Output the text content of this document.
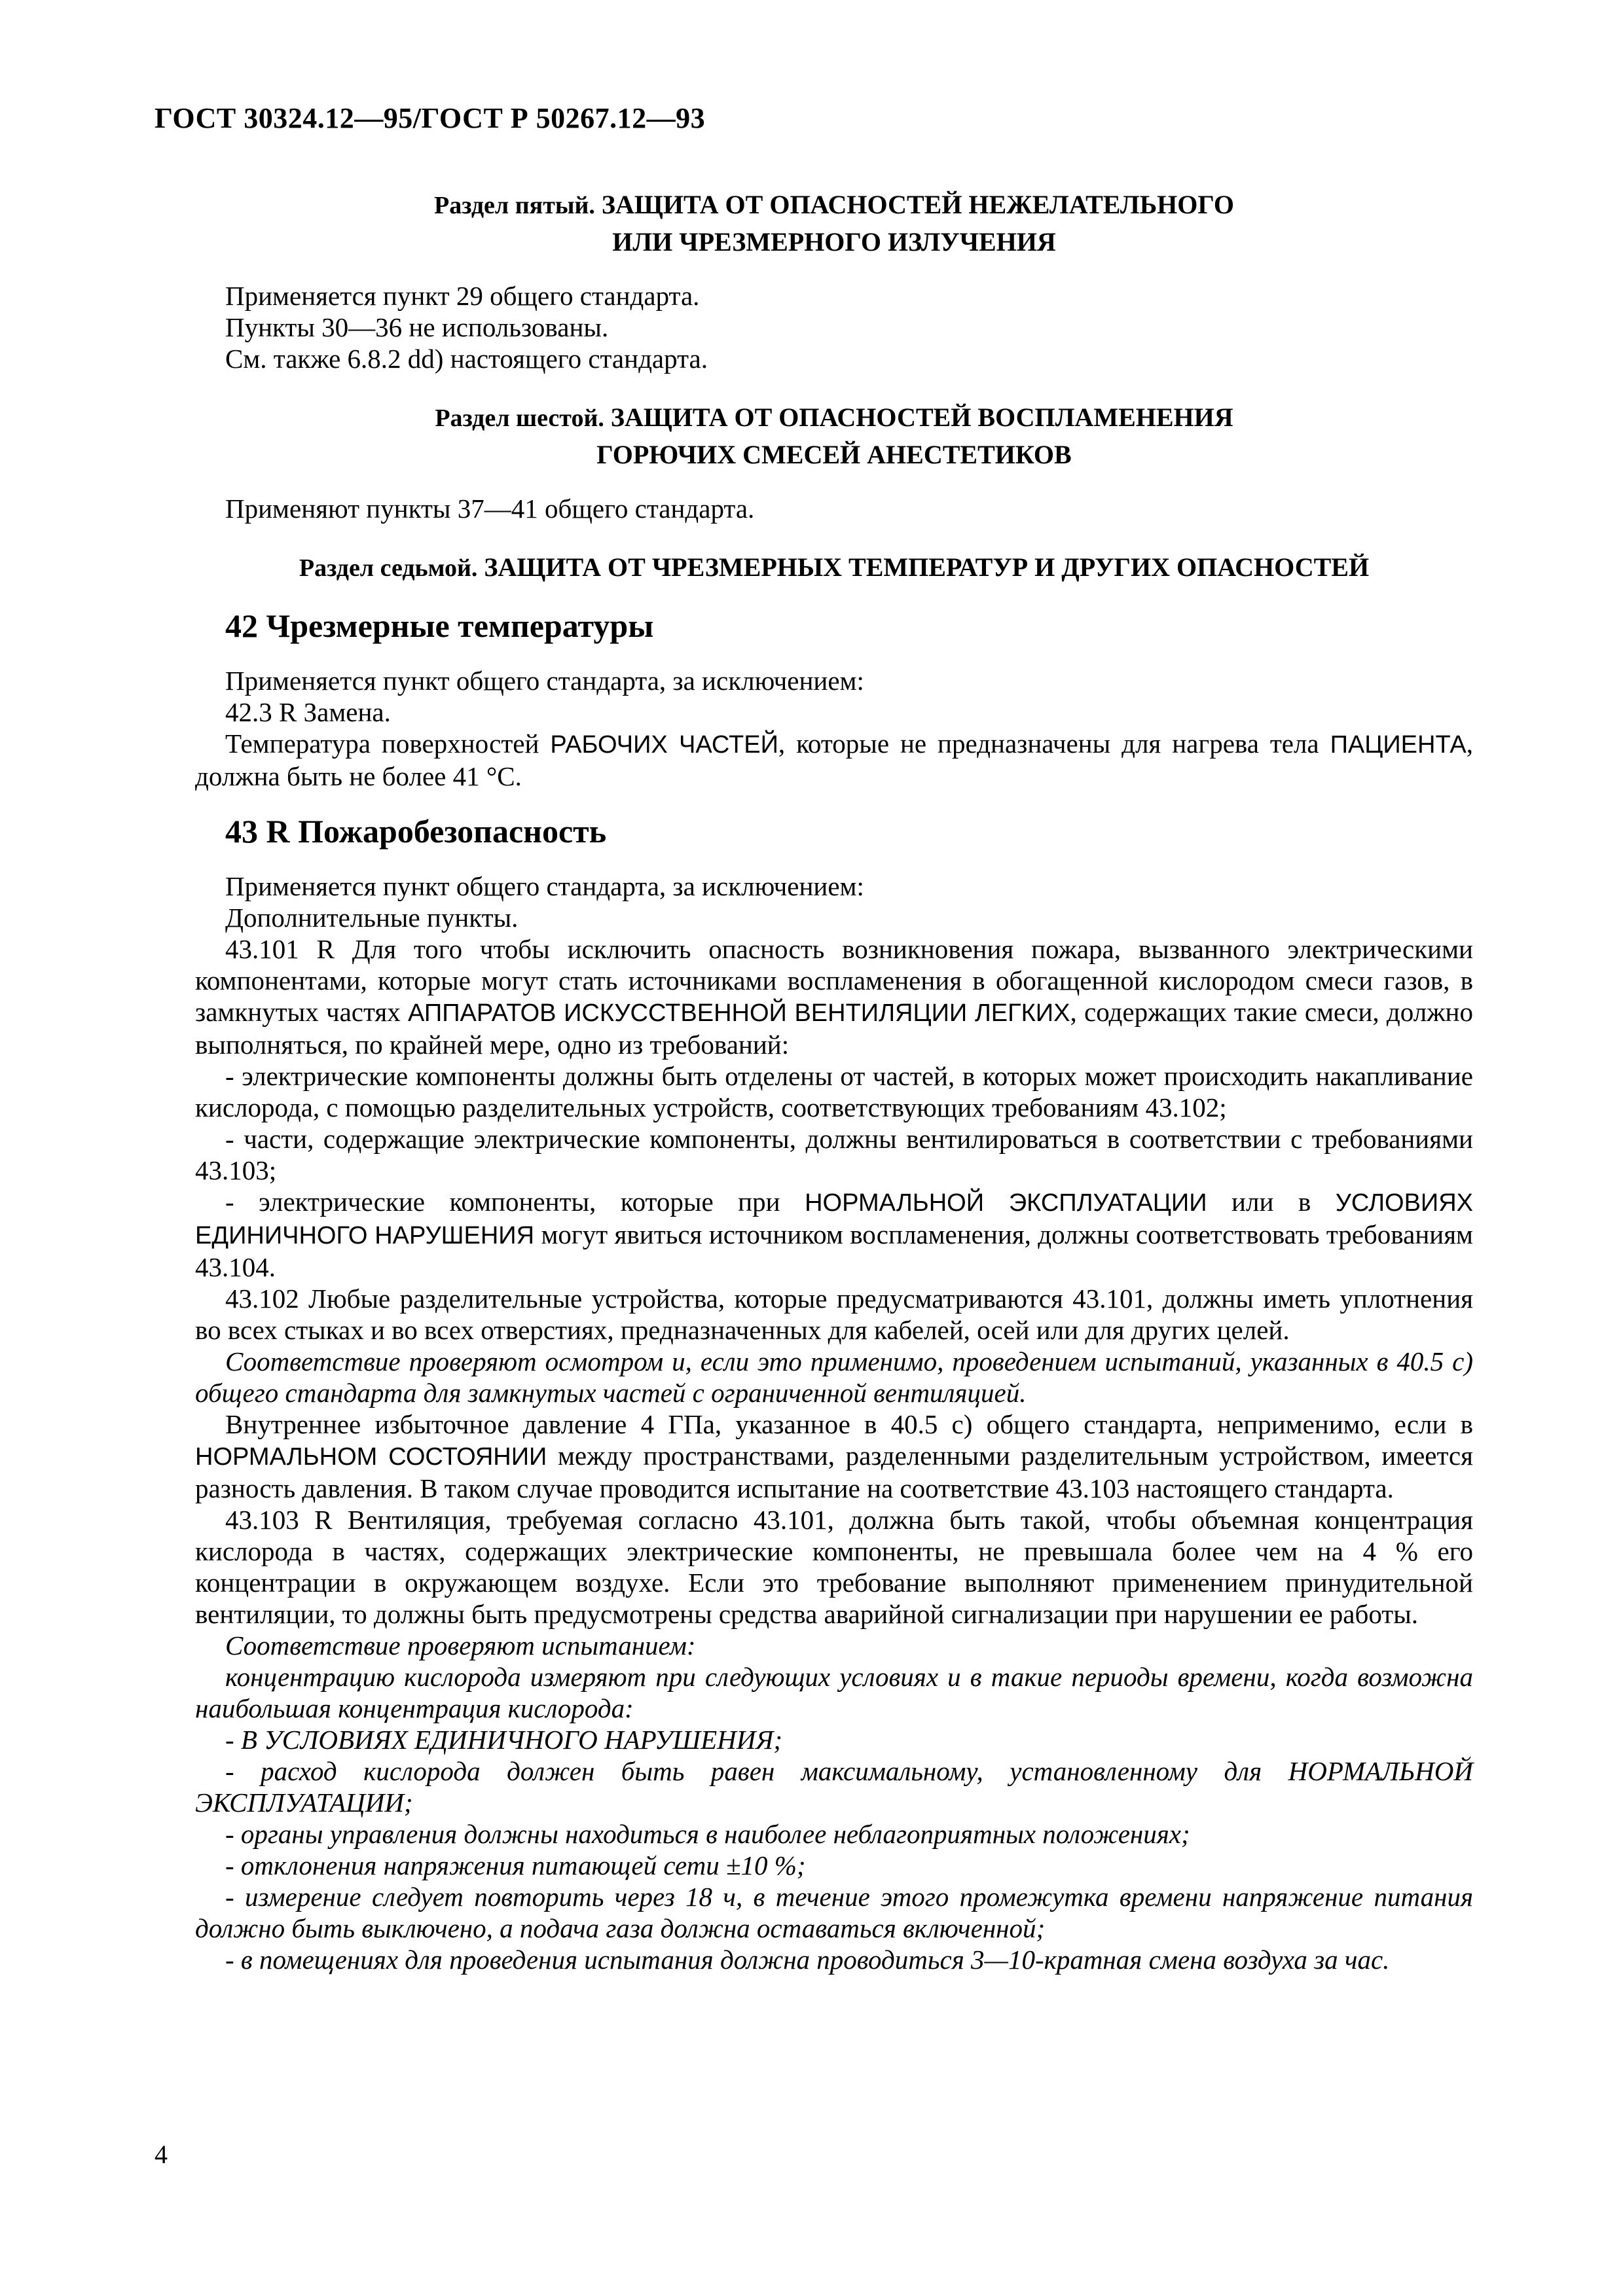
ГОСТ 30324.12—95/ГОСТ Р 50267.12—93
Раздел пятый. ЗАЩИТА ОТ ОПАСНОСТЕЙ НЕЖЕЛАТЕЛЬНОГО
ИЛИ ЧРЕЗМЕРНОГО ИЗЛУЧЕНИЯ

Применяется пункт 29 общего стандарта.

Пункты 30—36 не использованы.

См. также 6.8.2 dd) настоящего стандарта.

Раздел шестой. ЗАЩИТА ОТ ОПАСНОСТЕЙ ВОСПЛАМЕНЕНИЯ
ГОРЮЧИХ СМЕСЕЙ АНЕСТЕТИКОВ

Применяют пункты 37—41 общего стандарта.

Раздел седьмой. ЗАЩИТА ОТ ЧРЕЗМЕРНЫХ ТЕМПЕРАТУР И ДРУГИХ ОПАСНОСТЕЙ

42 Чрезмерные температуры

Применяется пункт общего стандарта, за исключением:

42.3 R Замена.

Температура поверхностей РАБОЧИХ ЧАСТЕЙ, которые не предназначены для нагрева тела ПАЦИЕНТА, должна быть не более 41 °С.

43 R Пожаробезопасность

Применяется пункт общего стандарта, за исключением:

Дополнительные пункты.

43.101 R Для того чтобы исключить опасность возникновения пожара, вызванного электрическими компонентами, которые могут стать источниками воспламенения в обогащенной кислородом смеси газов, в замкнутых частях АППАРАТОВ ИСКУССТВЕННОЙ ВЕНТИЛЯЦИИ ЛЕГКИХ, содержащих такие смеси, должно выполняться, по крайней мере, одно из требований:

- электрические компоненты должны быть отделены от частей, в которых может происходить накапливание кислорода, с помощью разделительных устройств, соответствующих требованиям 43.102;

- части, содержащие электрические компоненты, должны вентилироваться в соответствии с требованиями 43.103;

- электрические компоненты, которые при НОРМАЛЬНОЙ ЭКСПЛУАТАЦИИ или в УСЛОВИЯХ ЕДИНИЧНОГО НАРУШЕНИЯ могут явиться источником воспламенения, должны соответствовать требованиям 43.104.

43.102 Любые разделительные устройства, которые предусматриваются 43.101, должны иметь уплотнения во всех стыках и во всех отверстиях, предназначенных для кабелей, осей или для других целей.

Соответствие проверяют осмотром и, если это применимо, проведением испытаний, указанных в 40.5 с) общего стандарта для замкнутых частей с ограниченной вентиляцией.

Внутреннее избыточное давление 4 ГПа, указанное в 40.5 с) общего стандарта, неприменимо, если в НОРМАЛЬНОМ СОСТОЯНИИ между пространствами, разделенными разделительным устройством, имеется разность давления. В таком случае проводится испытание на соответствие 43.103 настоящего стандарта.

43.103 R Вентиляция, требуемая согласно 43.101, должна быть такой, чтобы объемная концентрация кислорода в частях, содержащих электрические компоненты, не превышала более чем на 4 % его концентрации в окружающем воздухе. Если это требование выполняют применением принудительной вентиляции, то должны быть предусмотрены средства аварийной сигнализации при нарушении ее работы.

Соответствие проверяют испытанием:

концентрацию кислорода измеряют при следующих условиях и в такие периоды времени, когда возможна наибольшая концентрация кислорода:

- В УСЛОВИЯХ ЕДИНИЧНОГО НАРУШЕНИЯ;

- расход кислорода должен быть равен максимальному, установленному для НОРМАЛЬНОЙ ЭКСПЛУАТАЦИИ;

- органы управления должны находиться в наиболее неблагоприятных положениях;

- отклонения напряжения питающей сети ±10 %;

- измерение следует повторить через 18 ч, в течение этого промежутка времени напряжение питания должно быть выключено, а подача газа должна оставаться включенной;

- в помещениях для проведения испытания должна проводиться 3—10-кратная смена воздуха за час.

4
